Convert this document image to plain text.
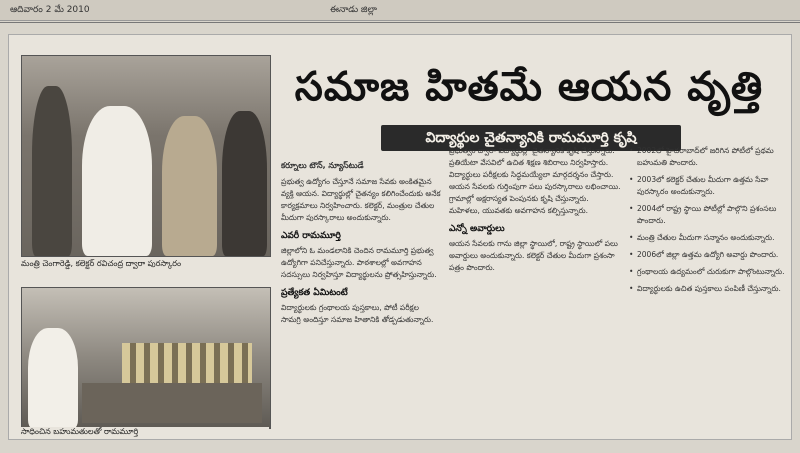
ఆదివారం 2 మే 2010	ఈనాడు జిల్లా
మంత్రి చెంగారెడ్డి, కలెక్టర్ రవిచంద్ర ద్వారా పురస్కారం
సాధించిన బహుమతులతో రామమూర్తి
సమాజ హితమే ఆయన వృత్తి
విద్యార్థుల చైతన్యానికి రామమూర్తి కృషి
కర్నూలు టౌన్, న్యూస్‌టుడే
ప్రభుత్వ ఉద్యోగం చేస్తూనే సమాజ సేవకు అంకితమైన వ్యక్తి ఆయన. విద్యార్థుల్లో చైతన్యం కలిగించేందుకు అనేక కార్యక్రమాలు నిర్వహించారు. కలెక్టర్, మంత్రుల చేతుల మీదుగా పురస్కారాలు అందుకున్నారు.
ఎవరీ రామమూర్తి
జిల్లాలోని ఓ మండలానికి చెందిన రామమూర్తి ప్రభుత్వ ఉద్యోగిగా పనిచేస్తున్నారు. పాఠశాలల్లో అవగాహన సదస్సులు నిర్వహిస్తూ విద్యార్థులను ప్రోత్సహిస్తున్నారు.
ప్రత్యేకత ఏమిటంటే
విద్యార్థులకు గ్రంథాలయ పుస్తకాలు, పోటీ పరీక్షల సామగ్రి అందిస్తూ సమాజ హితానికి తోడ్పడుతున్నారు.
ప్రభుత్వం ద్వారా విద్యార్థుల్లో చైతన్యానికి కృషి చేస్తున్నారు. ప్రతియేటా వేసవిలో ఉచిత శిక్షణ శిబిరాలు నిర్వహిస్తారు. విద్యార్థులు పరీక్షలకు సిద్ధమయ్యేలా మార్గదర్శనం చేస్తారు. ఆయన సేవలకు గుర్తింపుగా పలు పురస్కారాలు లభించాయి. గ్రామాల్లో అక్షరాస్యత పెంపునకు కృషి చేస్తున్నారు. మహిళలు, యువతకు అవగాహన కల్పిస్తున్నారు.
ఎన్నో అవార్డులు
ఆయన సేవలకు గాను జిల్లా స్థాయిలో, రాష్ట్ర స్థాయిలో పలు అవార్డులు అందుకున్నారు. కలెక్టర్ చేతుల మీదుగా ప్రశంసా పత్రం పొందారు.
• 2002లో హైదరాబాద్‌లో జరిగిన పోటీలో ప్రథమ బహుమతి పొందారు.
• 2003లో కలెక్టర్ చేతుల మీదుగా ఉత్తమ సేవా పురస్కారం అందుకున్నారు.
• 2004లో రాష్ట్ర స్థాయి పోటీల్లో పాల్గొని ప్రశంసలు పొందారు.
• మంత్రి చేతుల మీదుగా సన్మానం అందుకున్నారు.
• 2006లో జిల్లా ఉత్తమ ఉద్యోగి అవార్డు పొందారు.
• గ్రంథాలయ ఉద్యమంలో చురుకుగా పాల్గొంటున్నారు.
• విద్యార్థులకు ఉచిత పుస్తకాలు పంపిణీ చేస్తున్నారు.
